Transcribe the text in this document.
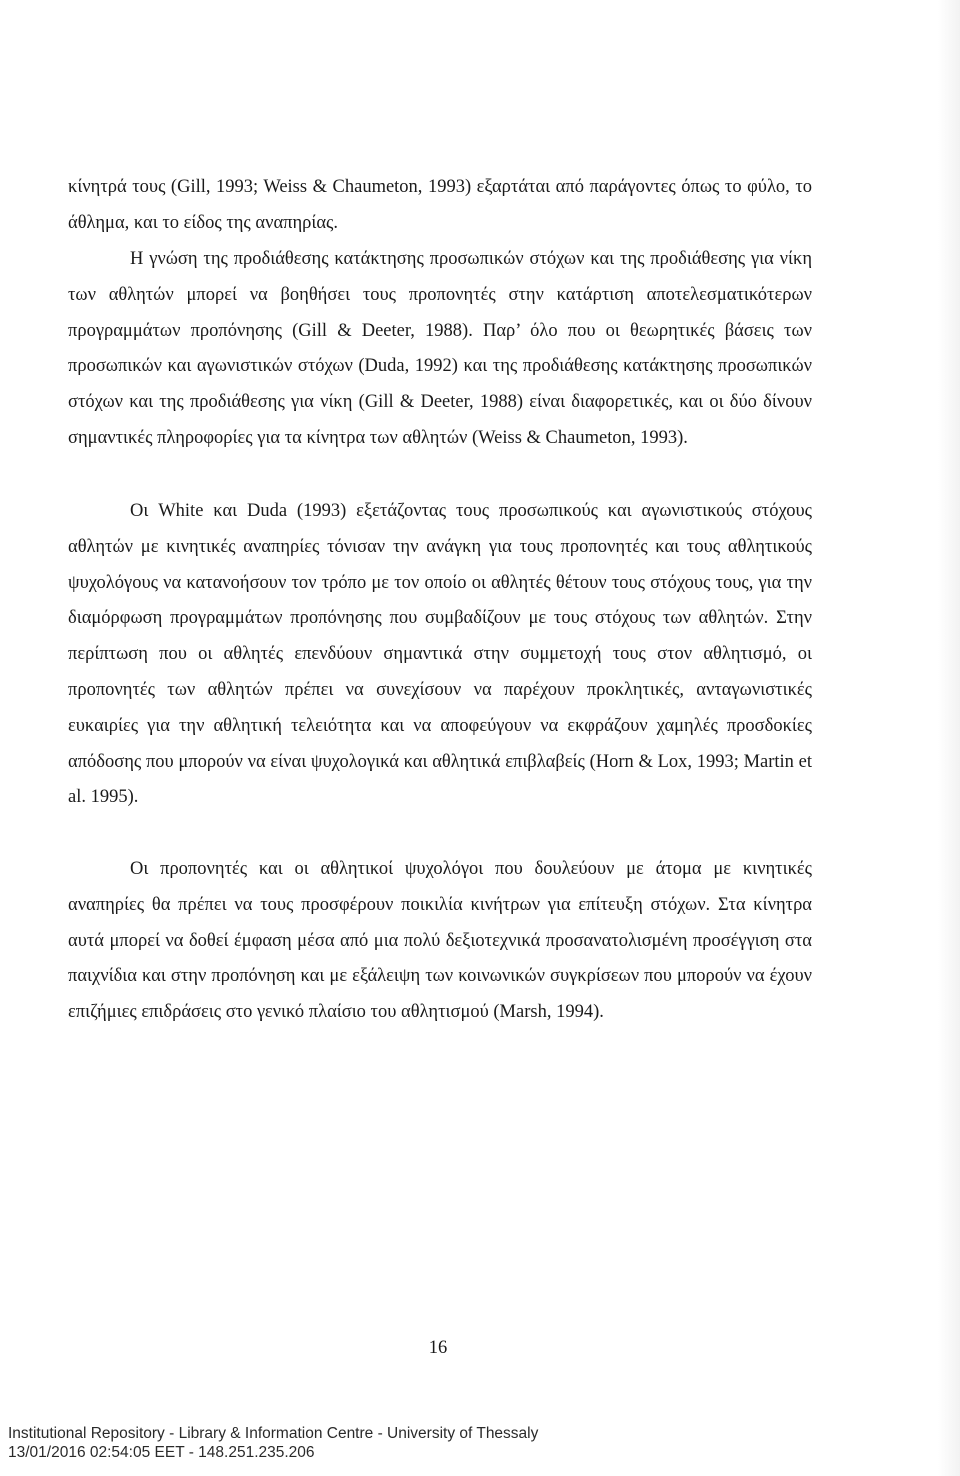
κίνητρά τους (Gill, 1993; Weiss & Chaumeton, 1993) εξαρτάται από παράγοντες όπως το φύλο, το άθλημα, και το είδος της αναπηρίας.

Η γνώση της προδιάθεσης κατάκτησης προσωπικών στόχων και της προδιάθεσης για νίκη των αθλητών μπορεί να βοηθήσει τους προπονητές στην κατάρτιση αποτελεσματικότερων προγραμμάτων προπόνησης (Gill & Deeter, 1988). Παρ’ όλο που οι θεωρητικές βάσεις των προσωπικών και αγωνιστικών στόχων (Duda, 1992) και της προδιάθεσης κατάκτησης προσωπικών στόχων και της προδιάθεσης για νίκη (Gill & Deeter, 1988) είναι διαφορετικές, και οι δύο δίνουν σημαντικές πληροφορίες για τα κίνητρα των αθλητών (Weiss & Chaumeton, 1993).

Οι White και Duda (1993) εξετάζοντας τους προσωπικούς και αγωνιστικούς στόχους αθλητών με κινητικές αναπηρίες τόνισαν την ανάγκη για τους προπονητές και τους αθλητικούς ψυχολόγους να κατανοήσουν τον τρόπο με τον οποίο οι αθλητές θέτουν τους στόχους τους, για την διαμόρφωση προγραμμάτων προπόνησης που συμβαδίζουν με τους στόχους των αθλητών. Στην περίπτωση που οι αθλητές επενδύουν σημαντικά στην συμμετοχή τους στον αθλητισμό, οι προπονητές των αθλητών πρέπει να συνεχίσουν να παρέχουν προκλητικές, ανταγωνιστικές ευκαιρίες για την αθλητική τελειότητα και να αποφεύγουν να εκφράζουν χαμηλές προσδοκίες απόδοσης που μπορούν να είναι ψυχολογικά και αθλητικά επιβλαβείς (Horn & Lox, 1993; Martin et al. 1995).

Οι προπονητές και οι αθλητικοί ψυχολόγοι που δουλεύουν με άτομα με κινητικές αναπηρίες θα πρέπει να τους προσφέρουν ποικιλία κινήτρων για επίτευξη στόχων. Στα κίνητρα αυτά μπορεί να δοθεί έμφαση μέσα από μια πολύ δεξιοτεχνικά προσανατολισμένη προσέγγιση στα παιχνίδια και στην προπόνηση και με εξάλειψη των κοινωνικών συγκρίσεων που μπορούν να έχουν επιζήμιες επιδράσεις στο γενικό πλαίσιο του αθλητισμού (Marsh, 1994).

16
Institutional Repository - Library & Information Centre - University of Thessaly
13/01/2016 02:54:05 EET - 148.251.235.206
